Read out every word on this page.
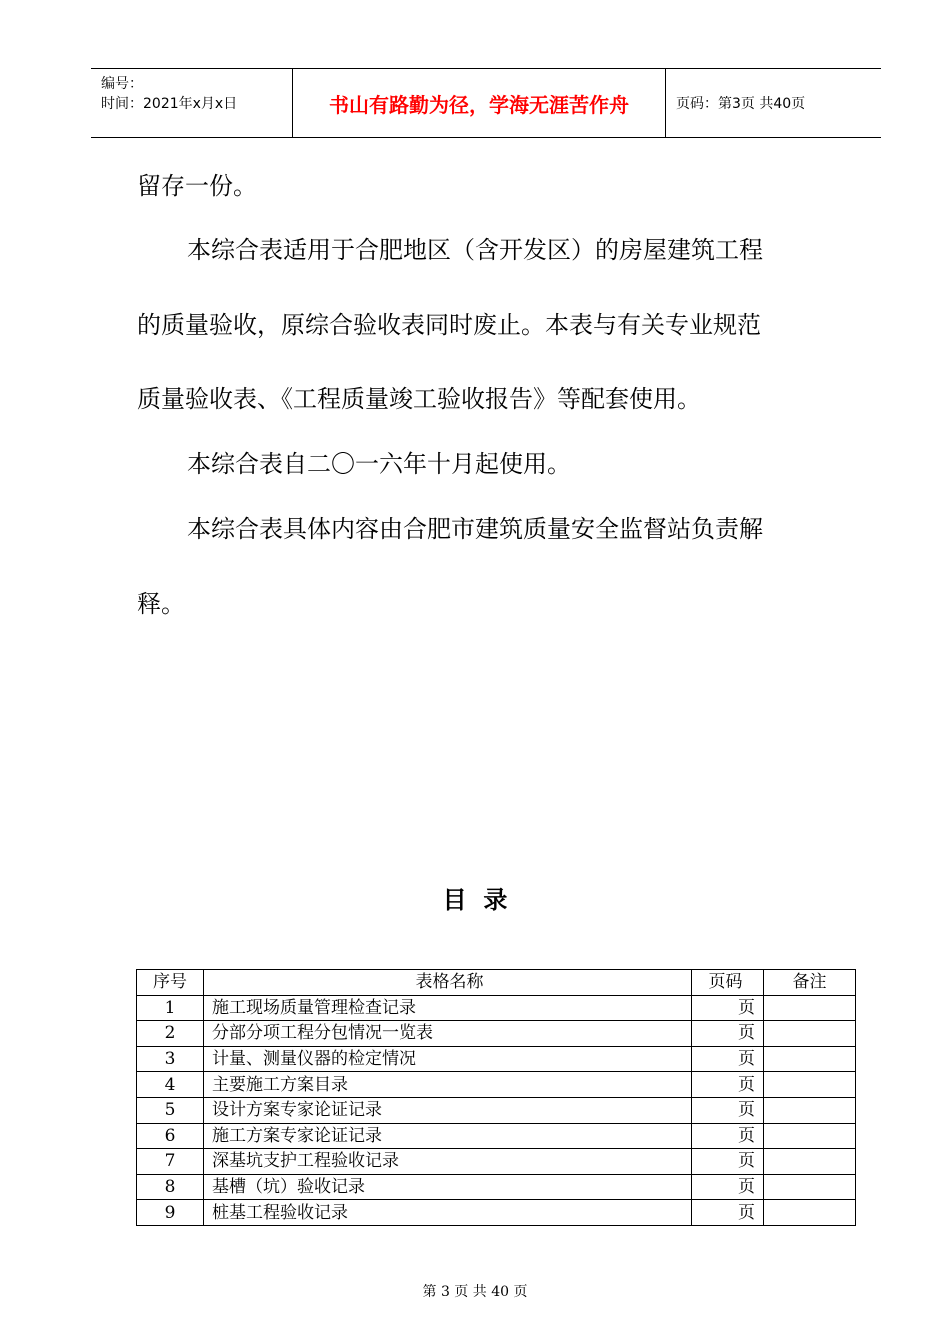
编号：
时间：2021年x月x日	书山有路勤为径，学海无涯苦作舟	页码：第3页 共40页
留存一份。
本综合表适用于合肥地区（含开发区）的房屋建筑工程
的质量验收，原综合验收表同时废止。本表与有关专业规范
质量验收表、《工程质量竣工验收报告》等配套使用。
本综合表自二〇一六年十月起使用。
本综合表具体内容由合肥市建筑质量安全监督站负责解
释。
目  录
序号	表格名称	页码	备注
1	施工现场质量管理检查记录	页	
2	分部分项工程分包情况一览表	页	
3	计量、测量仪器的检定情况	页	
4	主要施工方案目录	页	
5	设计方案专家论证记录	页	
6	施工方案专家论证记录	页	
7	深基坑支护工程验收记录	页	
8	基槽（坑）验收记录	页	
9	桩基工程验收记录	页	
第 3 页 共 40 页
